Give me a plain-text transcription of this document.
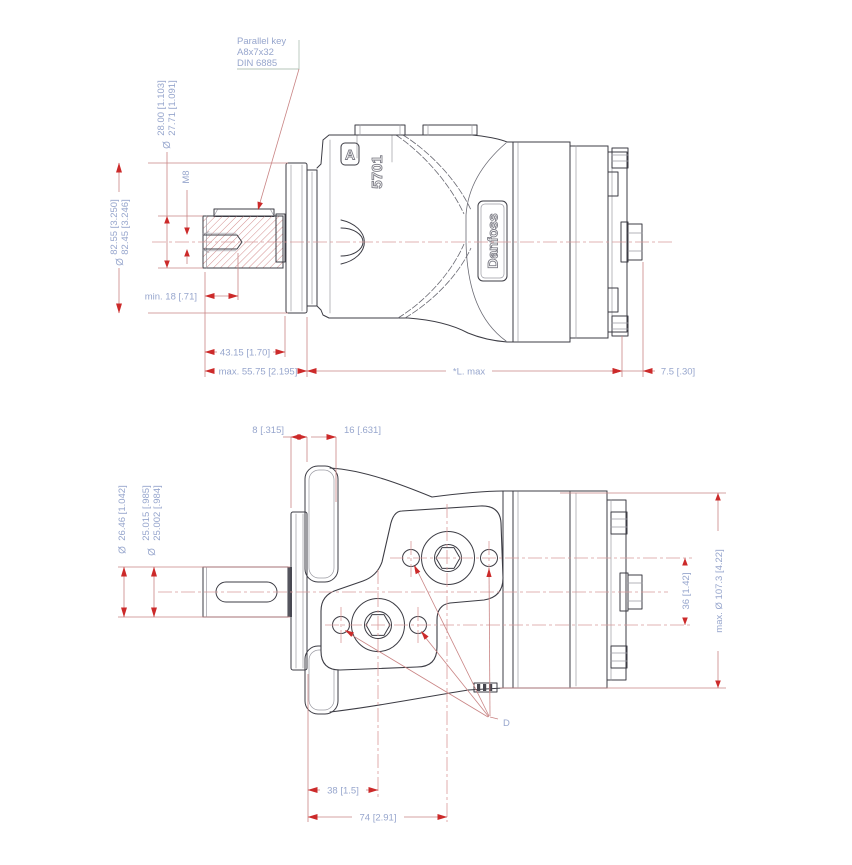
Danfoss
A
5701
82.55 [3.250] 82.45 [3.246]
Ø
28.00 [1.103] 27.71 [1.091]
Ø
M8
min. 18 [.71]
43.15 [1.70]
max. 55.75 [2.195]	*L. max	7.5 [.30]
Parallel key
A8x7x32
DIN 6885
26.46 [1.042]
Ø
25.015 [.985] 25.002 [.984]
Ø
8 [.315]	16 [.631]
36 [1.42] max. Ø 107.3 [4.22]
D
38 [1.5]
74 [2.91]
